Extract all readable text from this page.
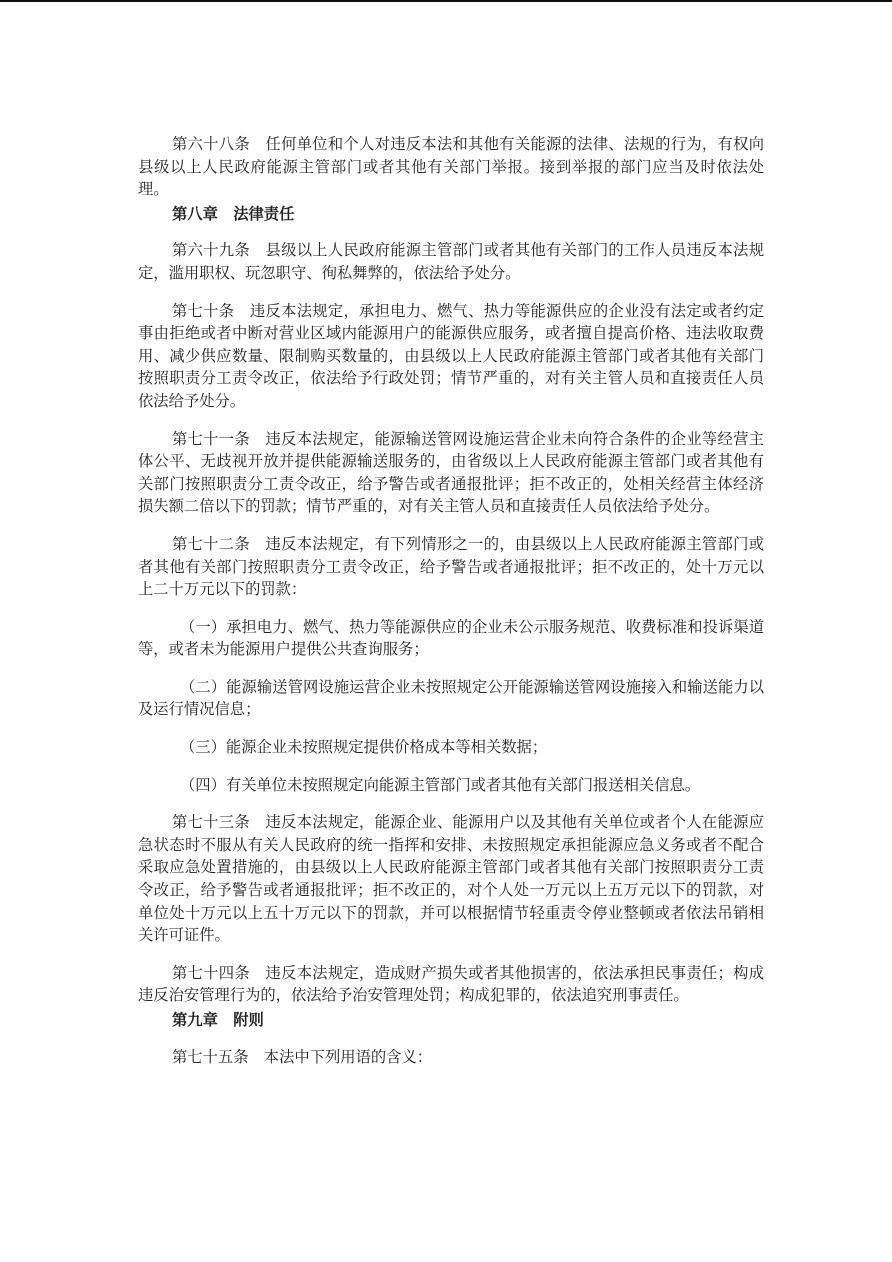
第六十八条　任何单位和个人对违反本法和其他有关能源的法律、法规的行为，有权向县级以上人民政府能源主管部门或者其他有关部门举报。接到举报的部门应当及时依法处理。

第八章　法律责任

第六十九条　县级以上人民政府能源主管部门或者其他有关部门的工作人员违反本法规定，滥用职权、玩忽职守、徇私舞弊的，依法给予处分。

第七十条　违反本法规定，承担电力、燃气、热力等能源供应的企业没有法定或者约定事由拒绝或者中断对营业区域内能源用户的能源供应服务，或者擅自提高价格、违法收取费用、减少供应数量、限制购买数量的，由县级以上人民政府能源主管部门或者其他有关部门按照职责分工责令改正，依法给予行政处罚；情节严重的，对有关主管人员和直接责任人员依法给予处分。

第七十一条　违反本法规定，能源输送管网设施运营企业未向符合条件的企业等经营主体公平、无歧视开放并提供能源输送服务的，由省级以上人民政府能源主管部门或者其他有关部门按照职责分工责令改正，给予警告或者通报批评；拒不改正的，处相关经营主体经济损失额二倍以下的罚款；情节严重的，对有关主管人员和直接责任人员依法给予处分。

第七十二条　违反本法规定，有下列情形之一的，由县级以上人民政府能源主管部门或者其他有关部门按照职责分工责令改正，给予警告或者通报批评；拒不改正的，处十万元以上二十万元以下的罚款：

（一）承担电力、燃气、热力等能源供应的企业未公示服务规范、收费标准和投诉渠道等，或者未为能源用户提供公共查询服务；

（二）能源输送管网设施运营企业未按照规定公开能源输送管网设施接入和输送能力以及运行情况信息；

（三）能源企业未按照规定提供价格成本等相关数据；

（四）有关单位未按照规定向能源主管部门或者其他有关部门报送相关信息。

第七十三条　违反本法规定，能源企业、能源用户以及其他有关单位或者个人在能源应急状态时不服从有关人民政府的统一指挥和安排、未按照规定承担能源应急义务或者不配合采取应急处置措施的，由县级以上人民政府能源主管部门或者其他有关部门按照职责分工责令改正，给予警告或者通报批评；拒不改正的，对个人处一万元以上五万元以下的罚款，对单位处十万元以上五十万元以下的罚款，并可以根据情节轻重责令停业整顿或者依法吊销相关许可证件。

第七十四条　违反本法规定，造成财产损失或者其他损害的，依法承担民事责任；构成违反治安管理行为的，依法给予治安管理处罚；构成犯罪的，依法追究刑事责任。

第九章　附则

第七十五条　本法中下列用语的含义：
